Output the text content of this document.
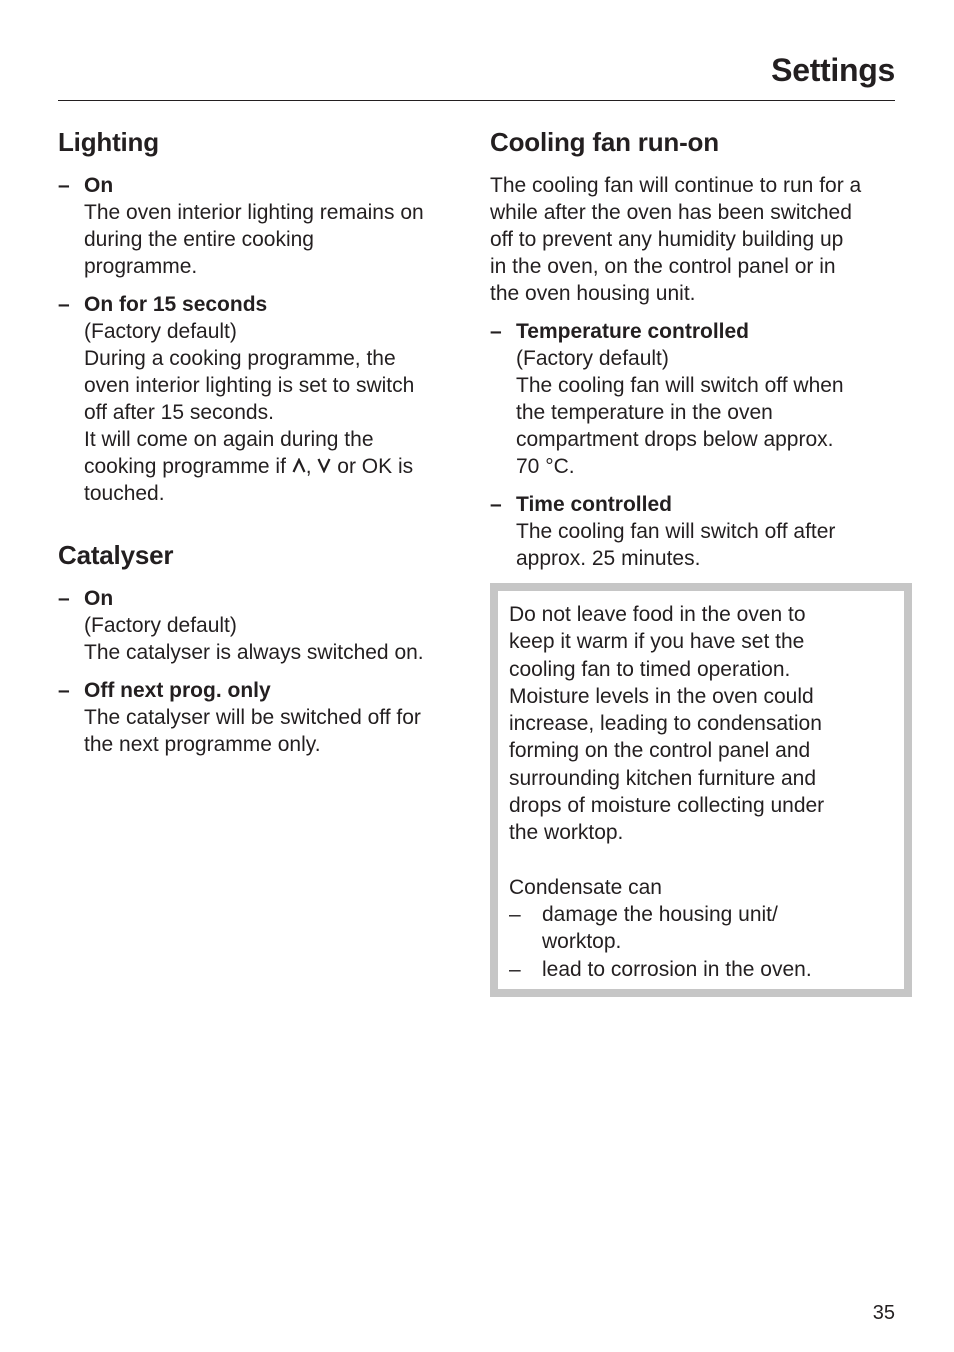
Settings
Lighting
– On
The oven interior lighting remains on
during the entire cooking
programme.
– On for 15 seconds
(Factory default)
During a cooking programme, the
oven interior lighting is set to switch
off after 15 seconds.
It will come on again during the
cooking programme if ,  or OK is
touched.
Catalyser
– On
(Factory default)
The catalyser is always switched on.
– Off next prog. only
The catalyser will be switched off for
the next programme only.
Cooling fan run-on
The cooling fan will continue to run for a
while after the oven has been switched
off to prevent any humidity building up
in the oven, on the control panel or in
the oven housing unit.
– Temperature controlled
(Factory default)
The cooling fan will switch off when
the temperature in the oven
compartment drops below approx.
70 °C.
– Time controlled
The cooling fan will switch off after
approx. 25 minutes.

Do not leave food in the oven to
keep it warm if you have set the
cooling fan to timed operation.
Moisture levels in the oven could
increase, leading to condensation
forming on the control panel and
surrounding kitchen furniture and
drops of moisture collecting under
the worktop.

Condensate can

– damage the housing unit/
worktop.
– lead to corrosion in the oven.
35
